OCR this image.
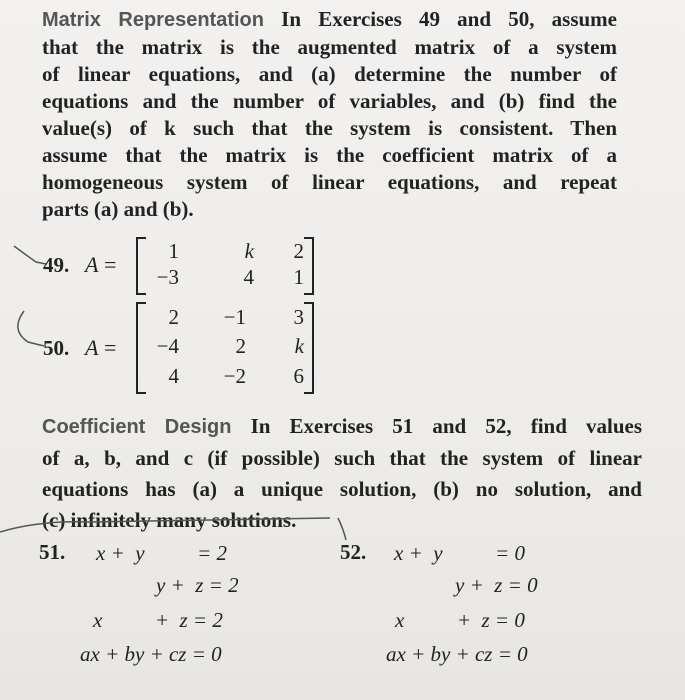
Matrix Representation In Exercises 49 and 50, assume
that the matrix is the augmented matrix of a system
of linear equations, and (a) determine the number of
equations and the number of variables, and (b) find the
value(s) of k such that the system is consistent. Then
assume that the matrix is the coefficient matrix of a
homogeneous system of linear equations, and repeat
parts (a) and (b).
49. A =
1	k	2
−3	4	1
50. A =
2	−1	3
−4	2	k
4	−2	6
Coefficient Design In Exercises 51 and 52, find values
of a, b, and c (if possible) such that the system of linear
equations has (a) a unique solution, (b) no solution, and
(c) infinitely many solutions.
51. x +  y          = 2
y +  z = 2
x          +  z = 2
ax + by + cz = 0
52. x +  y          = 0
y +  z = 0
x          +  z = 0
ax + by + cz = 0
